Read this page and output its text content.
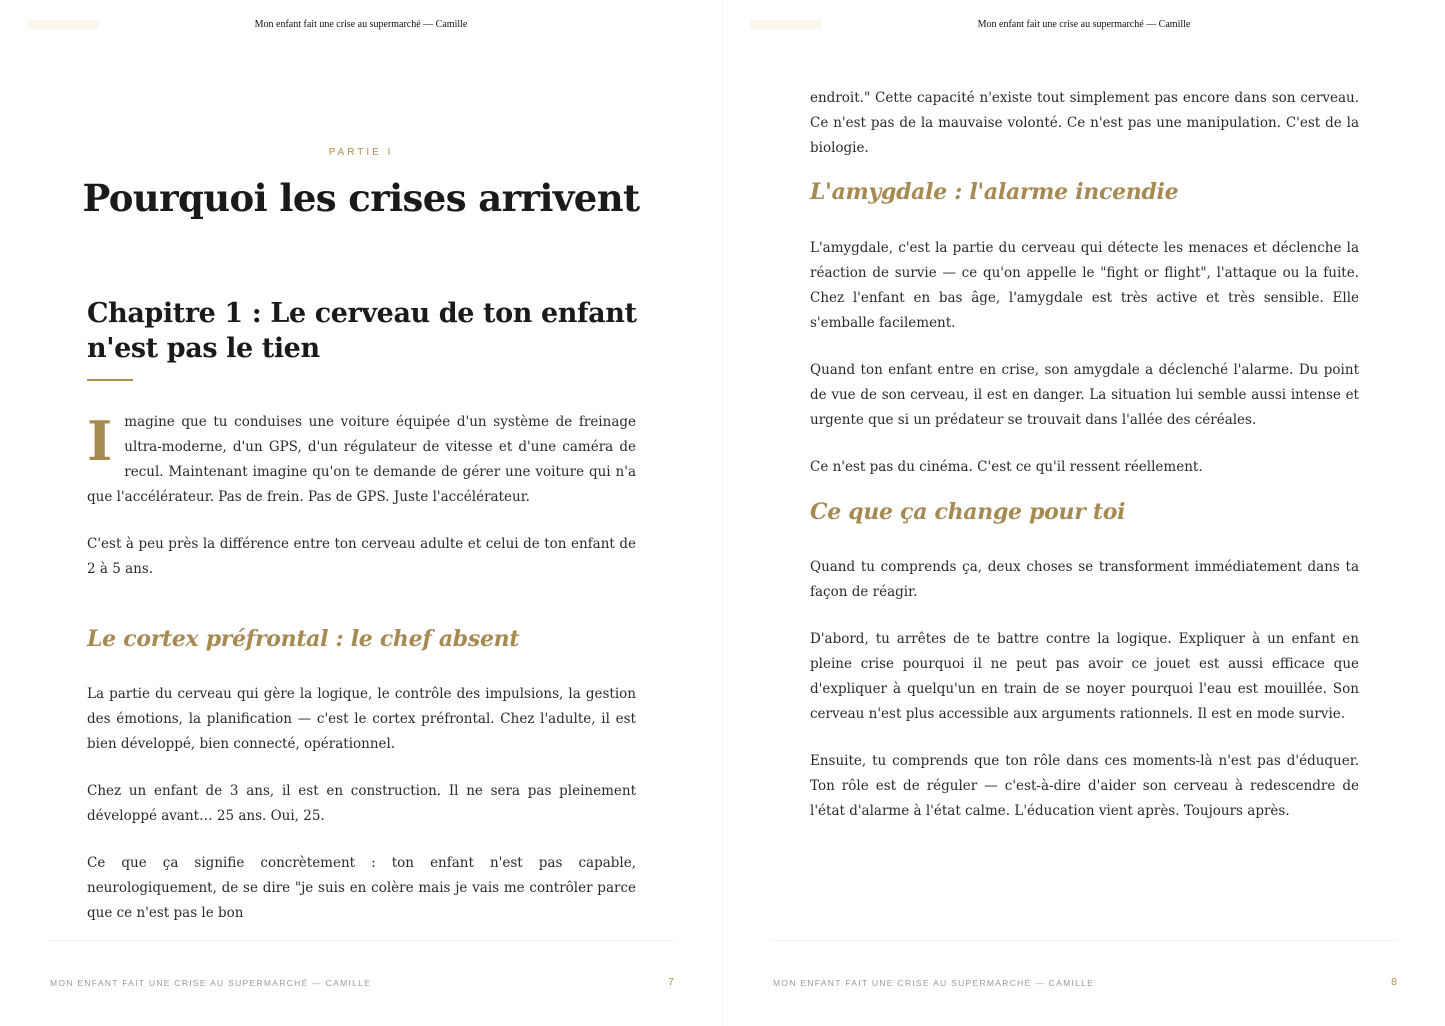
Mon enfant fait une crise au supermarché — Camille
PARTIE I
Pourquoi les crises arrivent
Chapitre 1 : Le cerveau de ton enfant n'est pas le tien

Imagine que tu conduises une voiture équipée d'un système de freinage ultra-moderne, d'un GPS, d'un régulateur de vitesse et d'une caméra de recul. Maintenant imagine qu'on te demande de gérer une voiture qui n'a que l'accélérateur. Pas de frein. Pas de GPS. Juste l'accélérateur.

C'est à peu près la différence entre ton cerveau adulte et celui de ton enfant de 2 à 5 ans.

Le cortex préfrontal : le chef absent

La partie du cerveau qui gère la logique, le contrôle des impulsions, la gestion des émotions, la planification — c'est le cortex préfrontal. Chez l'adulte, il est bien développé, bien connecté, opérationnel.

Chez un enfant de 3 ans, il est en construction. Il ne sera pas pleinement développé avant… 25 ans. Oui, 25.

Ce que ça signifie concrètement : ton enfant n'est pas capable, neurologiquement, de se dire "je suis en colère mais je vais me contrôler parce que ce n'est pas le bon

MON ENFANT FAIT UNE CRISE AU SUPERMARCHÉ — CAMILLE	7
Mon enfant fait une crise au supermarché — Camille

endroit." Cette capacité n'existe tout simplement pas encore dans son cerveau. Ce n'est pas de la mauvaise volonté. Ce n'est pas une manipulation. C'est de la biologie.

L'amygdale : l'alarme incendie

L'amygdale, c'est la partie du cerveau qui détecte les menaces et déclenche la réaction de survie — ce qu'on appelle le "fight or flight", l'attaque ou la fuite. Chez l'enfant en bas âge, l'amygdale est très active et très sensible. Elle s'emballe facilement.

Quand ton enfant entre en crise, son amygdale a déclenché l'alarme. Du point de vue de son cerveau, il est en danger. La situation lui semble aussi intense et urgente que si un prédateur se trouvait dans l'allée des céréales.

Ce n'est pas du cinéma. C'est ce qu'il ressent réellement.

Ce que ça change pour toi

Quand tu comprends ça, deux choses se transforment immédiatement dans ta façon de réagir.

D'abord, tu arrêtes de te battre contre la logique. Expliquer à un enfant en pleine crise pourquoi il ne peut pas avoir ce jouet est aussi efficace que d'expliquer à quelqu'un en train de se noyer pourquoi l'eau est mouillée. Son cerveau n'est plus accessible aux arguments rationnels. Il est en mode survie.

Ensuite, tu comprends que ton rôle dans ces moments-là n'est pas d'éduquer. Ton rôle est de réguler — c'est-à-dire d'aider son cerveau à redescendre de l'état d'alarme à l'état calme. L'éducation vient après. Toujours après.

MON ENFANT FAIT UNE CRISE AU SUPERMARCHÉ — CAMILLE	8
